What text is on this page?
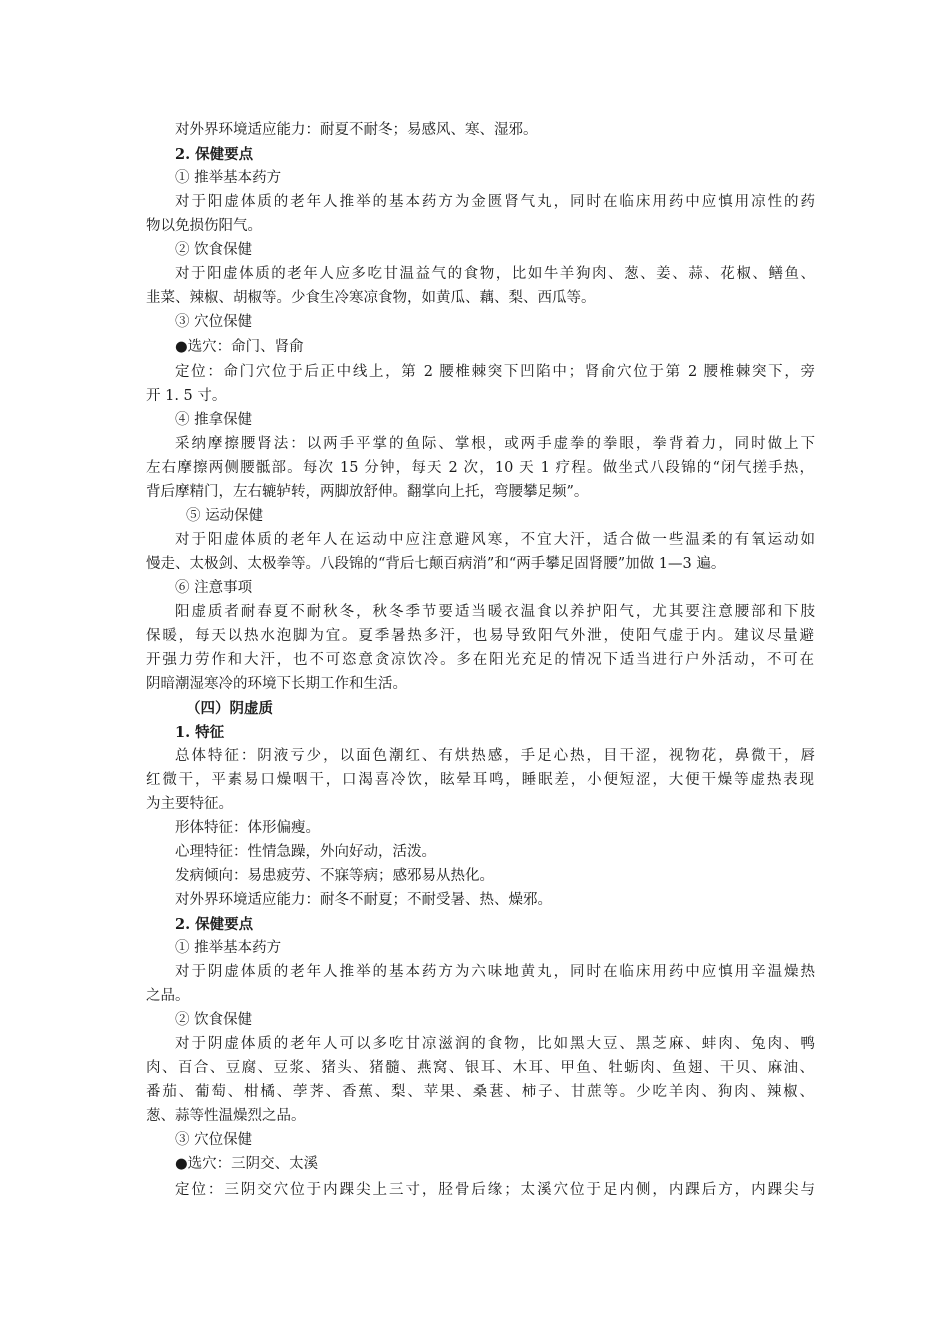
对外界环境适应能力：耐夏不耐冬；易感风、寒、湿邪。
2. 保健要点
① 推举基本药方
对于阳虚体质的老年人推举的基本药方为金匮肾气丸，同时在临床用药中应慎用凉性的药
物以免损伤阳气。
② 饮食保健
对于阳虚体质的老年人应多吃甘温益气的食物，比如牛羊狗肉、葱、姜、蒜、花椒、鳝鱼、
韭菜、辣椒、胡椒等。少食生冷寒凉食物，如黄瓜、藕、梨、西瓜等。
③ 穴位保健
●选穴：命门、肾俞
定位：命门穴位于后正中线上，第 2 腰椎棘突下凹陷中；肾俞穴位于第 2 腰椎棘突下，旁
开 1. 5 寸。
④ 推拿保健
采纳摩擦腰肾法：以两手平掌的鱼际、掌根，或两手虚拳的拳眼，拳背着力，同时做上下
左右摩擦两侧腰骶部。每次 15 分钟，每天 2 次，10 天 1 疗程。做坐式八段锦的“闭气搓手热，
背后摩精门，左右辘轳转，两脚放舒伸。翻掌向上托，弯腰攀足频”。
⑤ 运动保健
对于阳虚体质的老年人在运动中应注意避风寒，不宜大汗，适合做一些温柔的有氧运动如
慢走、太极剑、太极拳等。八段锦的“背后七颠百病消”和“两手攀足固肾腰”加做 1—3 遍。
⑥ 注意事项
阳虚质者耐春夏不耐秋冬，秋冬季节要适当暖衣温食以养护阳气，尤其要注意腰部和下肢
保暖，每天以热水泡脚为宜。夏季暑热多汗，也易导致阳气外泄，使阳气虚于内。建议尽量避
开强力劳作和大汗，也不可恣意贪凉饮冷。多在阳光充足的情况下适当进行户外活动，不可在
阴暗潮湿寒冷的环境下长期工作和生活。
（四）阴虚质
1. 特征
总体特征：阴液亏少，以面色潮红、有烘热感，手足心热，目干涩，视物花，鼻微干，唇
红微干，平素易口燥咽干，口渴喜冷饮，眩晕耳鸣，睡眠差，小便短涩，大便干燥等虚热表现
为主要特征。
形体特征：体形偏瘦。
心理特征：性情急躁，外向好动，活泼。
发病倾向：易患疲劳、不寐等病；感邪易从热化。
对外界环境适应能力：耐冬不耐夏；不耐受暑、热、燥邪。
2. 保健要点
① 推举基本药方
对于阴虚体质的老年人推举的基本药方为六味地黄丸，同时在临床用药中应慎用辛温燥热
之品。
② 饮食保健
对于阴虚体质的老年人可以多吃甘凉滋润的食物，比如黑大豆、黑芝麻、蚌肉、兔肉、鸭
肉、百合、豆腐、豆浆、猪头、猪髓、燕窝、银耳、木耳、甲鱼、牡蛎肉、鱼翅、干贝、麻油、
番茄、葡萄、柑橘、荸荠、香蕉、梨、苹果、桑葚、柿子、甘蔗等。少吃羊肉、狗肉、辣椒、
葱、蒜等性温燥烈之品。
③ 穴位保健
●选穴：三阴交、太溪
定位：三阴交穴位于内踝尖上三寸，胫骨后缘；太溪穴位于足内侧，内踝后方，内踝尖与
